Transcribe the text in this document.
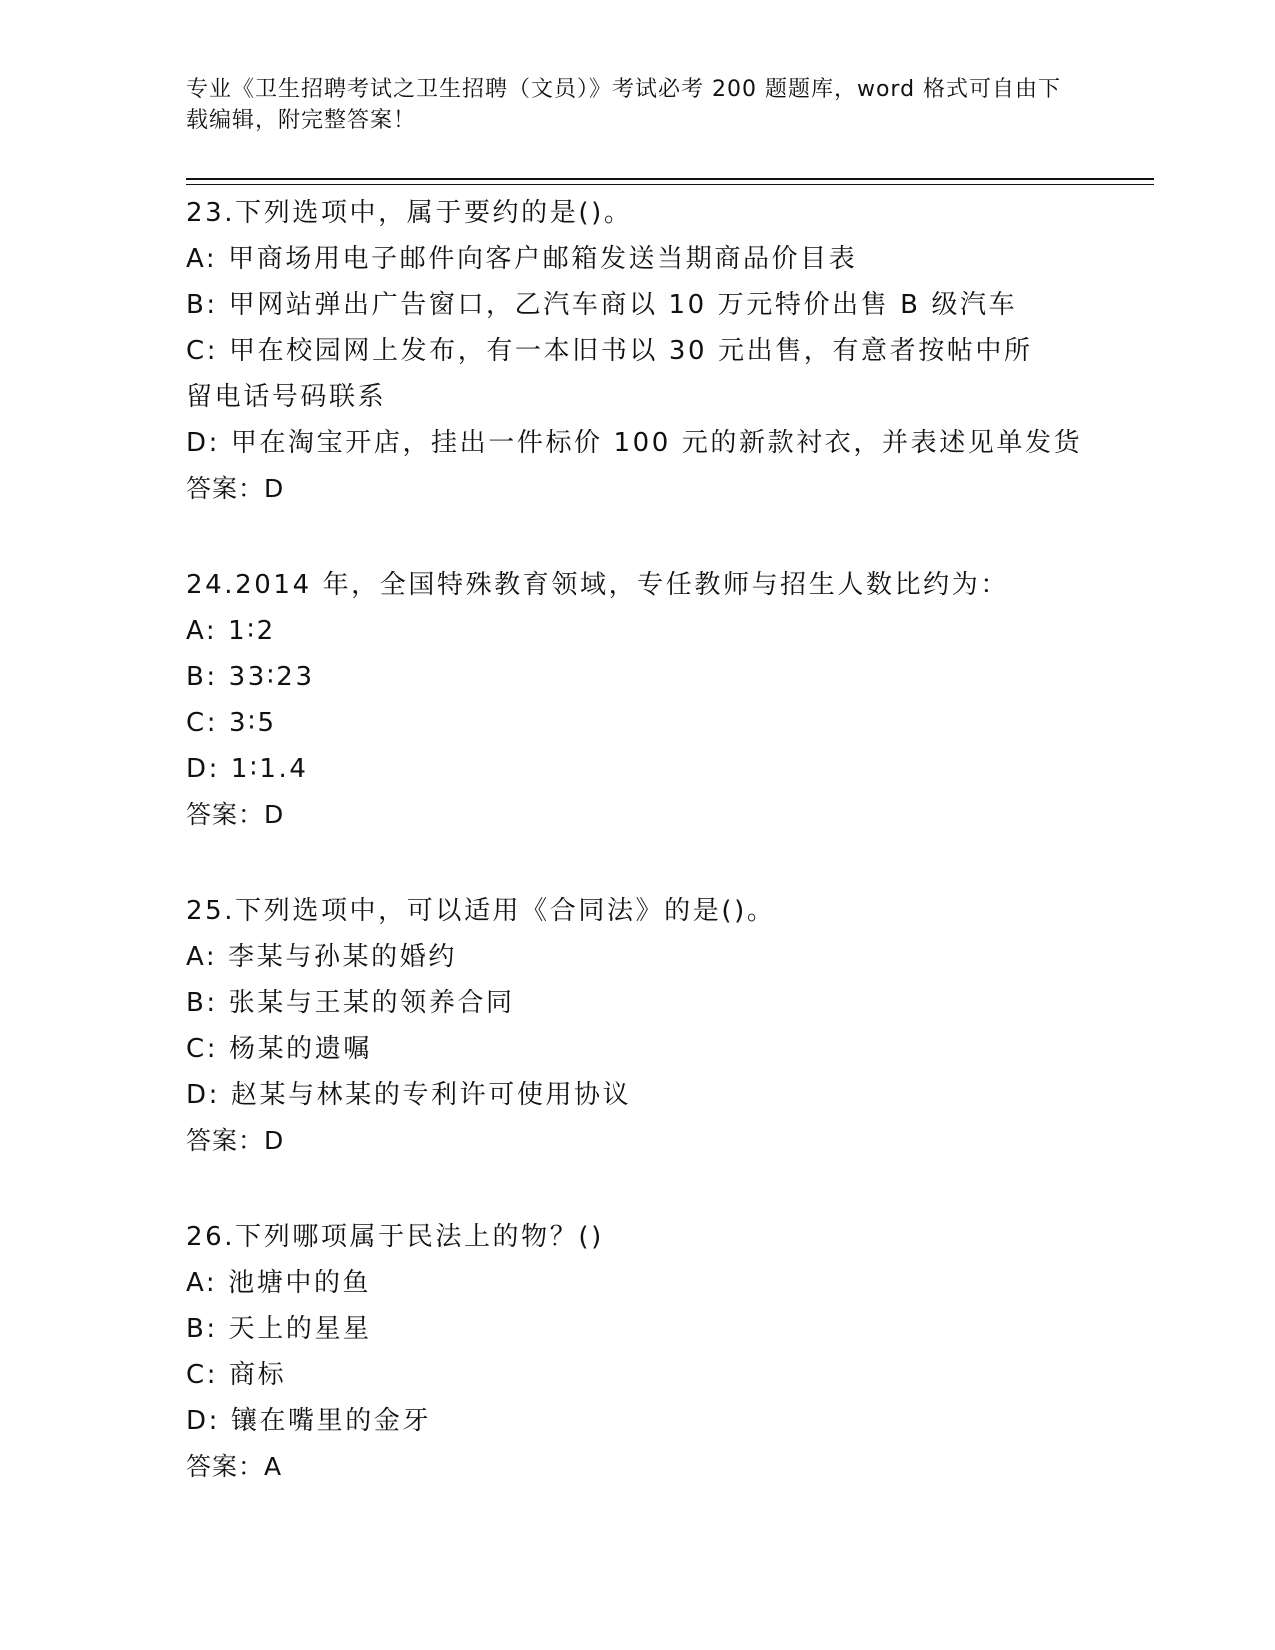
专业《卫生招聘考试之卫生招聘（文员）》考试必考 200 题题库，word 格式可自由下载编辑，附完整答案！
23.下列选项中，属于要约的是()。
A: 甲商场用电子邮件向客户邮箱发送当期商品价目表
B: 甲网站弹出广告窗口，乙汽车商以 10 万元特价出售 B 级汽车
C: 甲在校园网上发布，有一本旧书以 30 元出售，有意者按帖中所留电话号码联系
D: 甲在淘宝开店，挂出一件标价 100 元的新款衬衣，并表述见单发货
答案：D
24.2014 年，全国特殊教育领域，专任教师与招生人数比约为：
A: 1∶2
B: 33∶23
C: 3∶5
D: 1∶1.4
答案：D
25.下列选项中，可以适用《合同法》的是()。
A: 李某与孙某的婚约
B: 张某与王某的领养合同
C: 杨某的遗嘱
D: 赵某与林某的专利许可使用协议
答案：D
26.下列哪项属于民法上的物？()
A: 池塘中的鱼
B: 天上的星星
C: 商标
D: 镶在嘴里的金牙
答案：A
